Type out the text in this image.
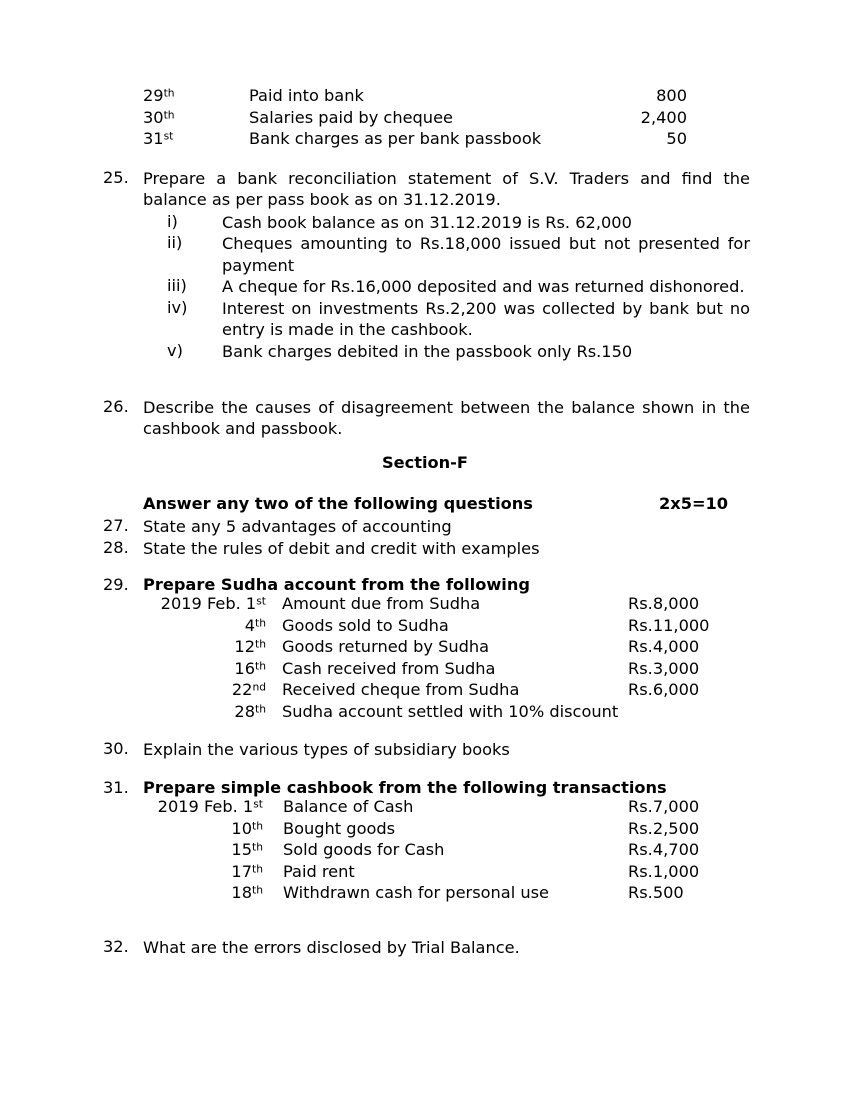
29th	Paid into bank	800
30th	Salaries paid by chequee	2,400
31st	Bank charges as per bank passbook	50
25. Prepare a bank reconciliation statement of S.V. Traders and find the balance as per pass book as on 31.12.2019.
i)	Cash book balance as on 31.12.2019 is Rs. 62,000
ii)	Cheques amounting to Rs.18,000 issued but not presented for payment
iii)	A cheque for Rs.16,000 deposited and was returned dishonored.
iv)	Interest on investments Rs.2,200 was collected by bank but no entry is made in the cashbook.
v)	Bank charges debited in the passbook only Rs.150
26. Describe the causes of disagreement between the balance shown in the cashbook and passbook.
Section-F
Answer any two of the following questions	2x5=10
27. State any 5 advantages of accounting
28. State the rules of debit and credit with examples
29. Prepare Sudha account from the following
2019 Feb. 1st Amount due from Sudha	Rs.8,000
4th Goods sold to Sudha	Rs.11,000
12th Goods returned by Sudha	Rs.4,000
16th Cash received from Sudha	Rs.3,000
22nd Received cheque from Sudha	Rs.6,000
28th Sudha account settled with 10% discount
30. Explain the various types of subsidiary books
31. Prepare simple cashbook from the following transactions
2019 Feb. 1st Balance of Cash	Rs.7,000
10th Bought goods	Rs.2,500
15th Sold goods for Cash	Rs.4,700
17th Paid rent	Rs.1,000
18th Withdrawn cash for personal use	Rs.500
32. What are the errors disclosed by Trial Balance.
